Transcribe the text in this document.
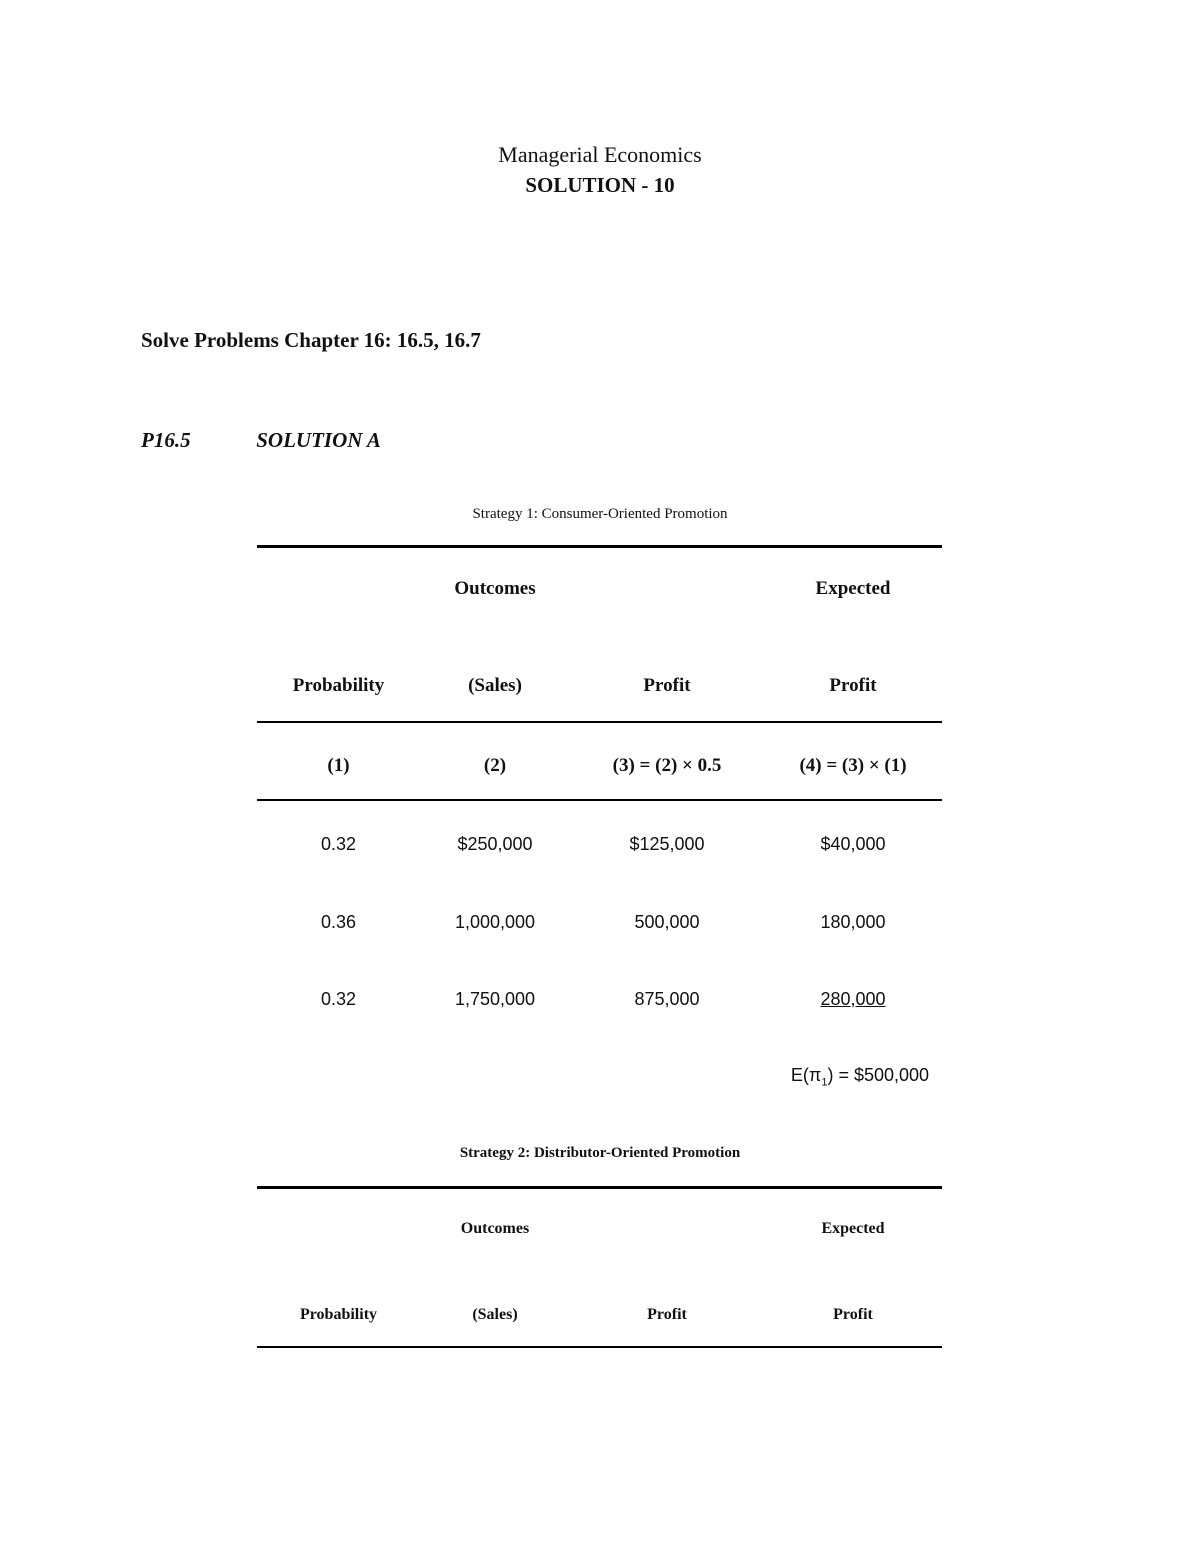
Managerial Economics
SOLUTION - 10
Solve Problems Chapter 16: 16.5, 16.7
P16.5	SOLUTION A
Strategy 1: Consumer-Oriented Promotion
Outcomes	Expected
Probability	(Sales)	Profit	Profit
(1)	(2)	(3) = (2) × 0.5	(4) = (3) × (1)
0.32	$250,000	$125,000	$40,000
0.36	1,000,000	500,000	180,000
0.32	1,750,000	875,000	280,000
$E(\pi_1)$ = $500,000
Strategy 2: Distributor-Oriented Promotion
Outcomes	Expected
Probability	(Sales)	Profit	Profit
